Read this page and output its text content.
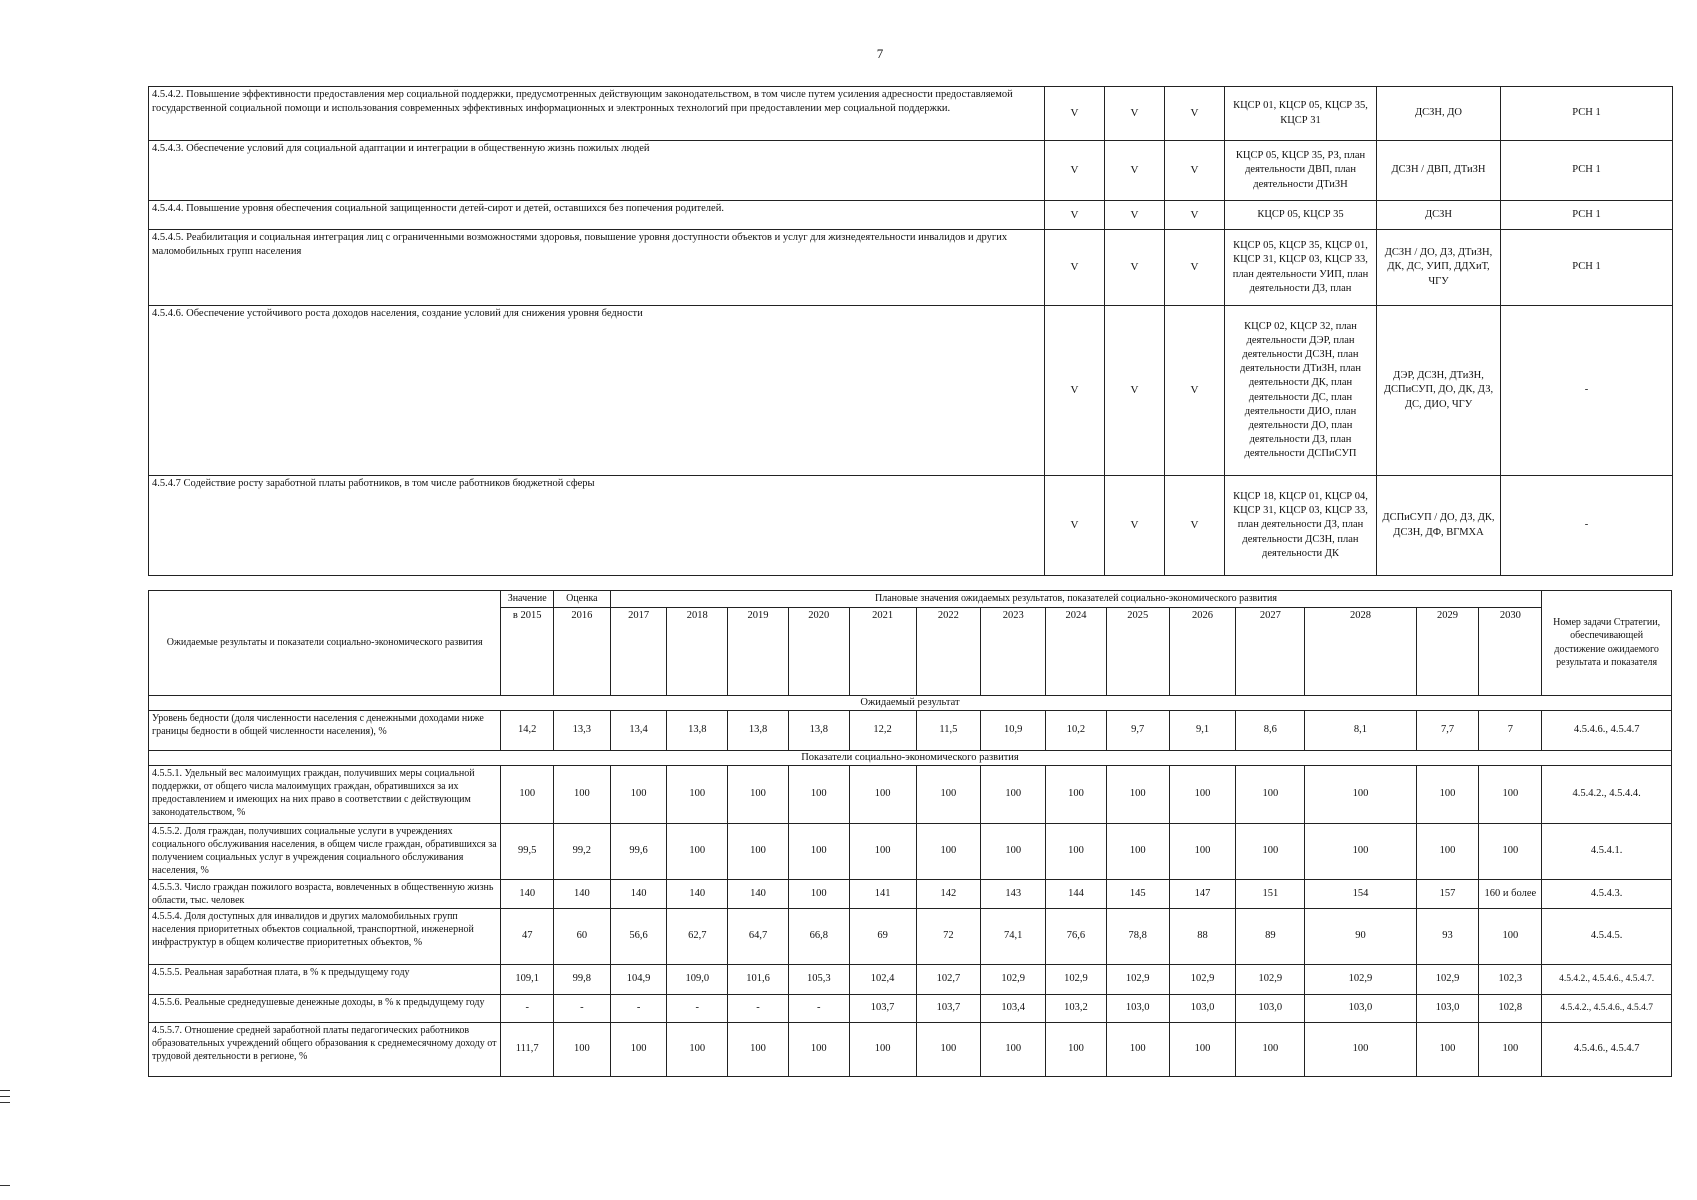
7
4.5.4.2. Повышение эффективности предоставления мер социальной поддержки, предусмотренных действующим законодательством, в том числе путем усиления адресности предоставляемой государственной социальной помощи и использования современных эффективных информационных и электронных технологий при предоставлении мер социальной поддержки.	V	V	V	КЦСР 01, КЦСР 05, КЦСР 35, КЦСР 31	ДСЗН, ДО	РСН 1
4.5.4.3. Обеспечение условий для социальной адаптации и интеграции в общественную жизнь пожилых людей	V	V	V	КЦСР 05, КЦСР 35, РЗ, план деятельности ДВП, план деятельности ДТиЗН	ДСЗН / ДВП, ДТиЗН	РСН 1
4.5.4.4. Повышение уровня обеспечения социальной защищенности детей-сирот и детей, оставшихся без попечения родителей.	V	V	V	КЦСР 05, КЦСР 35	ДСЗН	РСН 1
4.5.4.5. Реабилитация и социальная интеграция лиц с ограниченными возможностями здоровья, повышение уровня доступности объектов и услуг для жизнедеятельности инвалидов и других маломобильных групп населения	V	V	V	КЦСР 05, КЦСР 35, КЦСР 01, КЦСР 31, КЦСР 03, КЦСР 33, план деятельности УИП, план деятельности ДЗ, план	ДСЗН / ДО, ДЗ, ДТиЗН, ДК, ДС, УИП, ДДХиТ, ЧГУ	РСН 1
4.5.4.6. Обеспечение устойчивого роста доходов населения, создание условий для снижения уровня бедности	V	V	V	КЦСР 02, КЦСР 32, план деятельности ДЭР, план деятельности ДСЗН, план деятельности ДТиЗН, план деятельности ДК, план деятельности ДС, план деятельности ДИО, план деятельности ДО, план деятельности ДЗ, план деятельности ДСПиСУП	ДЭР, ДСЗН, ДТиЗН, ДСПиСУП, ДО, ДК, ДЗ, ДС, ДИО, ЧГУ	-
4.5.4.7 Содействие росту заработной платы работников, в том числе работников бюджетной сферы	V	V	V	КЦСР 18, КЦСР 01, КЦСР 04, КЦСР 31, КЦСР 03, КЦСР 33, план деятельности ДЗ, план деятельности ДСЗН, план деятельности ДК	ДСПиСУП / ДО, ДЗ, ДК, ДСЗН, ДФ, ВГМХА	-
Ожидаемые результаты и показатели социально-экономического развития	Значение	Оценка	Плановые значения ожидаемых результатов, показателей социально-экономического развития														Номер задачи Стратегии, обеспечивающей достижение ожидаемого результата и показателя
	в 2015	2016	2017	2018	2019	2020	2021	2022	2023	2024	2025	2026	2027	2028	2029	2030	

Ожидаемый результат																	
Уровень бедности (доля численности населения с денежными доходами ниже границы бедности в общей численности населения), %	14,2	13,3	13,4	13,8	13,8	13,8	12,2	11,5	10,9	10,2	9,7	9,1	8,6	8,1	7,7	7	4.5.4.6., 4.5.4.7
Показатели социально-экономического развития																	
4.5.5.1. Удельный вес малоимущих граждан, получивших меры социальной поддержки, от общего числа малоимущих граждан, обратившихся за их предоставлением и имеющих на них право в соответствии с действующим законодательством, %	100	100	100	100	100	100	100	100	100	100	100	100	100	100	100	100	4.5.4.2., 4.5.4.4.
4.5.5.2. Доля граждан, получивших социальные услуги в учреждениях социального обслуживания населения, в общем числе граждан, обратившихся за получением социальных услуг в учреждения социального обслуживания населения, %	99,5	99,2	99,6	100	100	100	100	100	100	100	100	100	100	100	100	100	4.5.4.1.
4.5.5.3. Число граждан пожилого возраста, вовлеченных в общественную жизнь области, тыс. человек	140	140	140	140	140	100	141	142	143	144	145	147	151	154	157	160 и более	4.5.4.3.
4.5.5.4. Доля доступных для инвалидов и других маломобильных групп населения приоритетных объектов социальной, транспортной, инженерной инфраструктур в общем количестве приоритетных объектов, %	47	60	56,6	62,7	64,7	66,8	69	72	74,1	76,6	78,8	88	89	90	93	100	4.5.4.5.
4.5.5.5. Реальная заработная плата, в % к предыдущему году	109,1	99,8	104,9	109,0	101,6	105,3	102,4	102,7	102,9	102,9	102,9	102,9	102,9	102,9	102,9	102,3	4.5.4.2., 4.5.4.6., 4.5.4.7.
4.5.5.6. Реальные среднедушевые денежные доходы, в % к предыдущему году	-	-	-	-	-	-	103,7	103,7	103,4	103,2	103,0	103,0	103,0	103,0	103,0	102,8	4.5.4.2., 4.5.4.6., 4.5.4.7
4.5.5.7. Отношение средней заработной платы педагогических работников образовательных учреждений общего образования к среднемесячному доходу от трудовой деятельности в регионе, %	111,7	100	100	100	100	100	100	100	100	100	100	100	100	100	100	100	4.5.4.6., 4.5.4.7
